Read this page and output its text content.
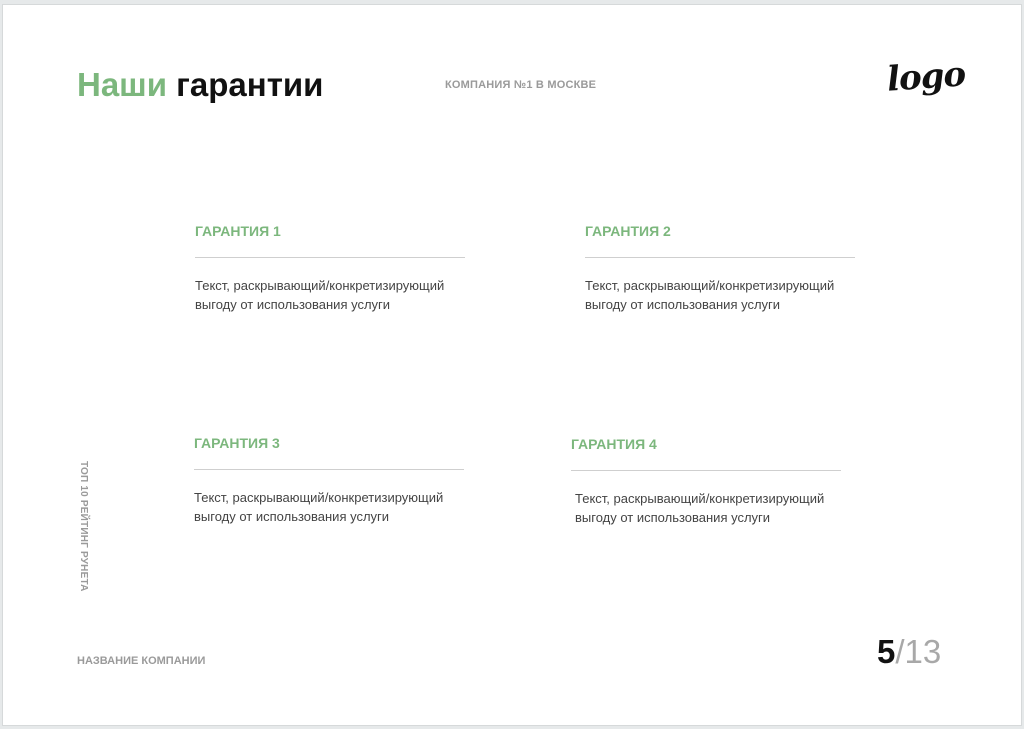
Наши гарантии	КОМПАНИЯ №1 В МОСКВЕ	logo
ГАРАНТИЯ 1
Текст, раскрывающий/конкретизирующий выгоду от использования услуги
ГАРАНТИЯ 2
Текст, раскрывающий/конкретизирующий выгоду от использования услуги
ГАРАНТИЯ 3
Текст, раскрывающий/конкретизирующий выгоду от использования услуги
ГАРАНТИЯ 4
Текст, раскрывающий/конкретизирующий выгоду от использования услуги
ТОП 10 РЕЙТИНГ РУНЕТА
НАЗВАНИЕ КОМПАНИИ	5/13
